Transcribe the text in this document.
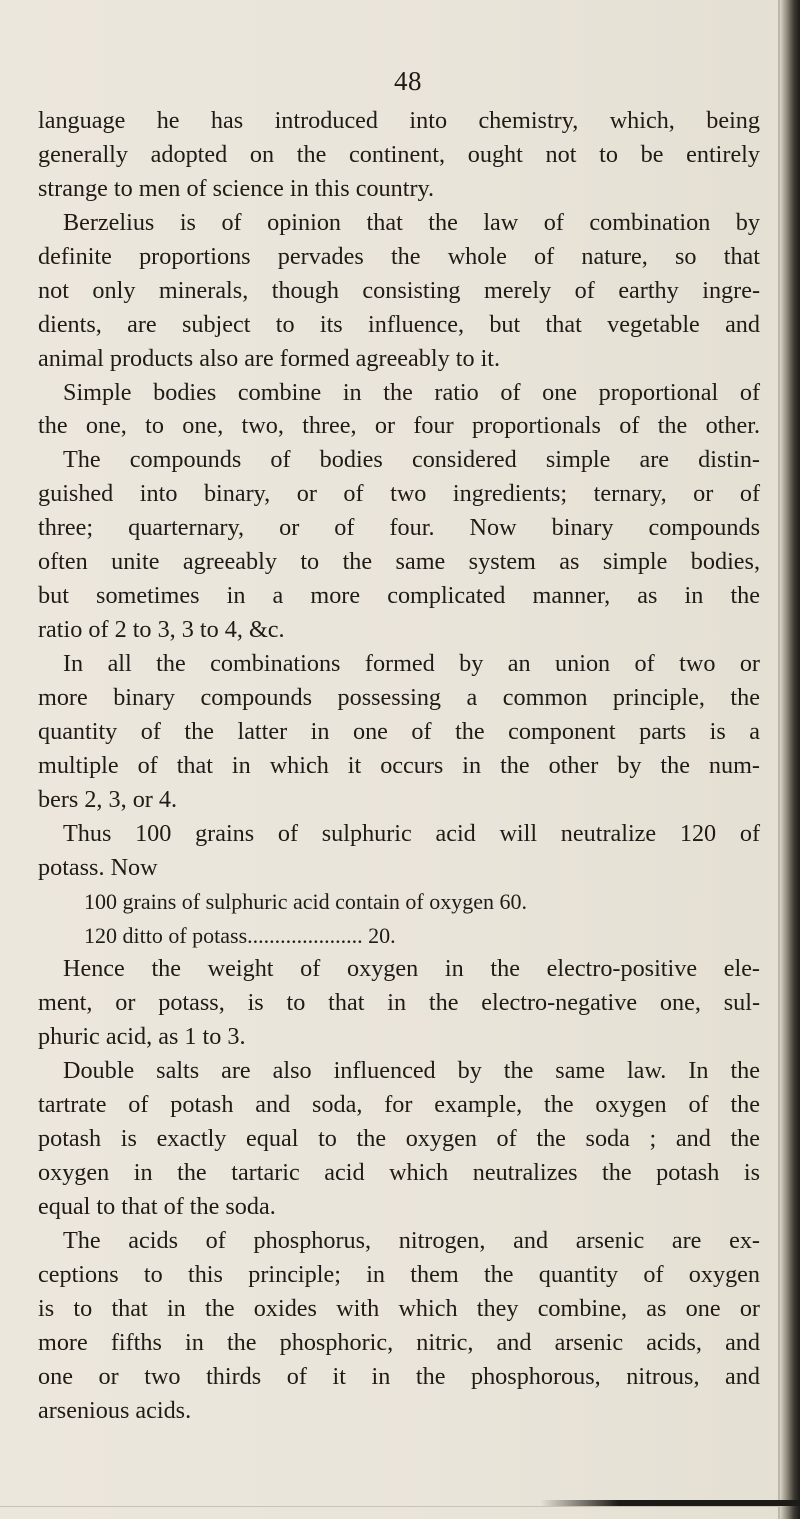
48
language he has introduced into chemistry, which, being
generally adopted on the continent, ought not to be entirely
strange to men of science in this country.
Berzelius is of opinion that the law of combination by
definite proportions pervades the whole of nature, so that
not only minerals, though consisting merely of earthy ingre-
dients, are subject to its influence, but that vegetable and
animal products also are formed agreeably to it.
Simple bodies combine in the ratio of one proportional of
the one, to one, two, three, or four proportionals of the other.
The compounds of bodies considered simple are distin-
guished into binary, or of two ingredients; ternary, or of
three; quarternary, or of four. Now binary compounds
often unite agreeably to the same system as simple bodies,
but sometimes in a more complicated manner, as in the
ratio of 2 to 3, 3 to 4, &c.
In all the combinations formed by an union of two or
more binary compounds possessing a common principle, the
quantity of the latter in one of the component parts is a
multiple of that in which it occurs in the other by the num-
bers 2, 3, or 4.
Thus 100 grains of sulphuric acid will neutralize 120 of
potass. Now
100 grains of sulphuric acid contain of oxygen 60.
120 ditto of potass..................... 20.
Hence the weight of oxygen in the electro-positive ele-
ment, or potass, is to that in the electro-negative one, sul-
phuric acid, as 1 to 3.
Double salts are also influenced by the same law. In the
tartrate of potash and soda, for example, the oxygen of the
potash is exactly equal to the oxygen of the soda ; and the
oxygen in the tartaric acid which neutralizes the potash is
equal to that of the soda.
The acids of phosphorus, nitrogen, and arsenic are ex-
ceptions to this principle; in them the quantity of oxygen
is to that in the oxides with which they combine, as one or
more fifths in the phosphoric, nitric, and arsenic acids, and
one or two thirds of it in the phosphorous, nitrous, and
arsenious acids.
